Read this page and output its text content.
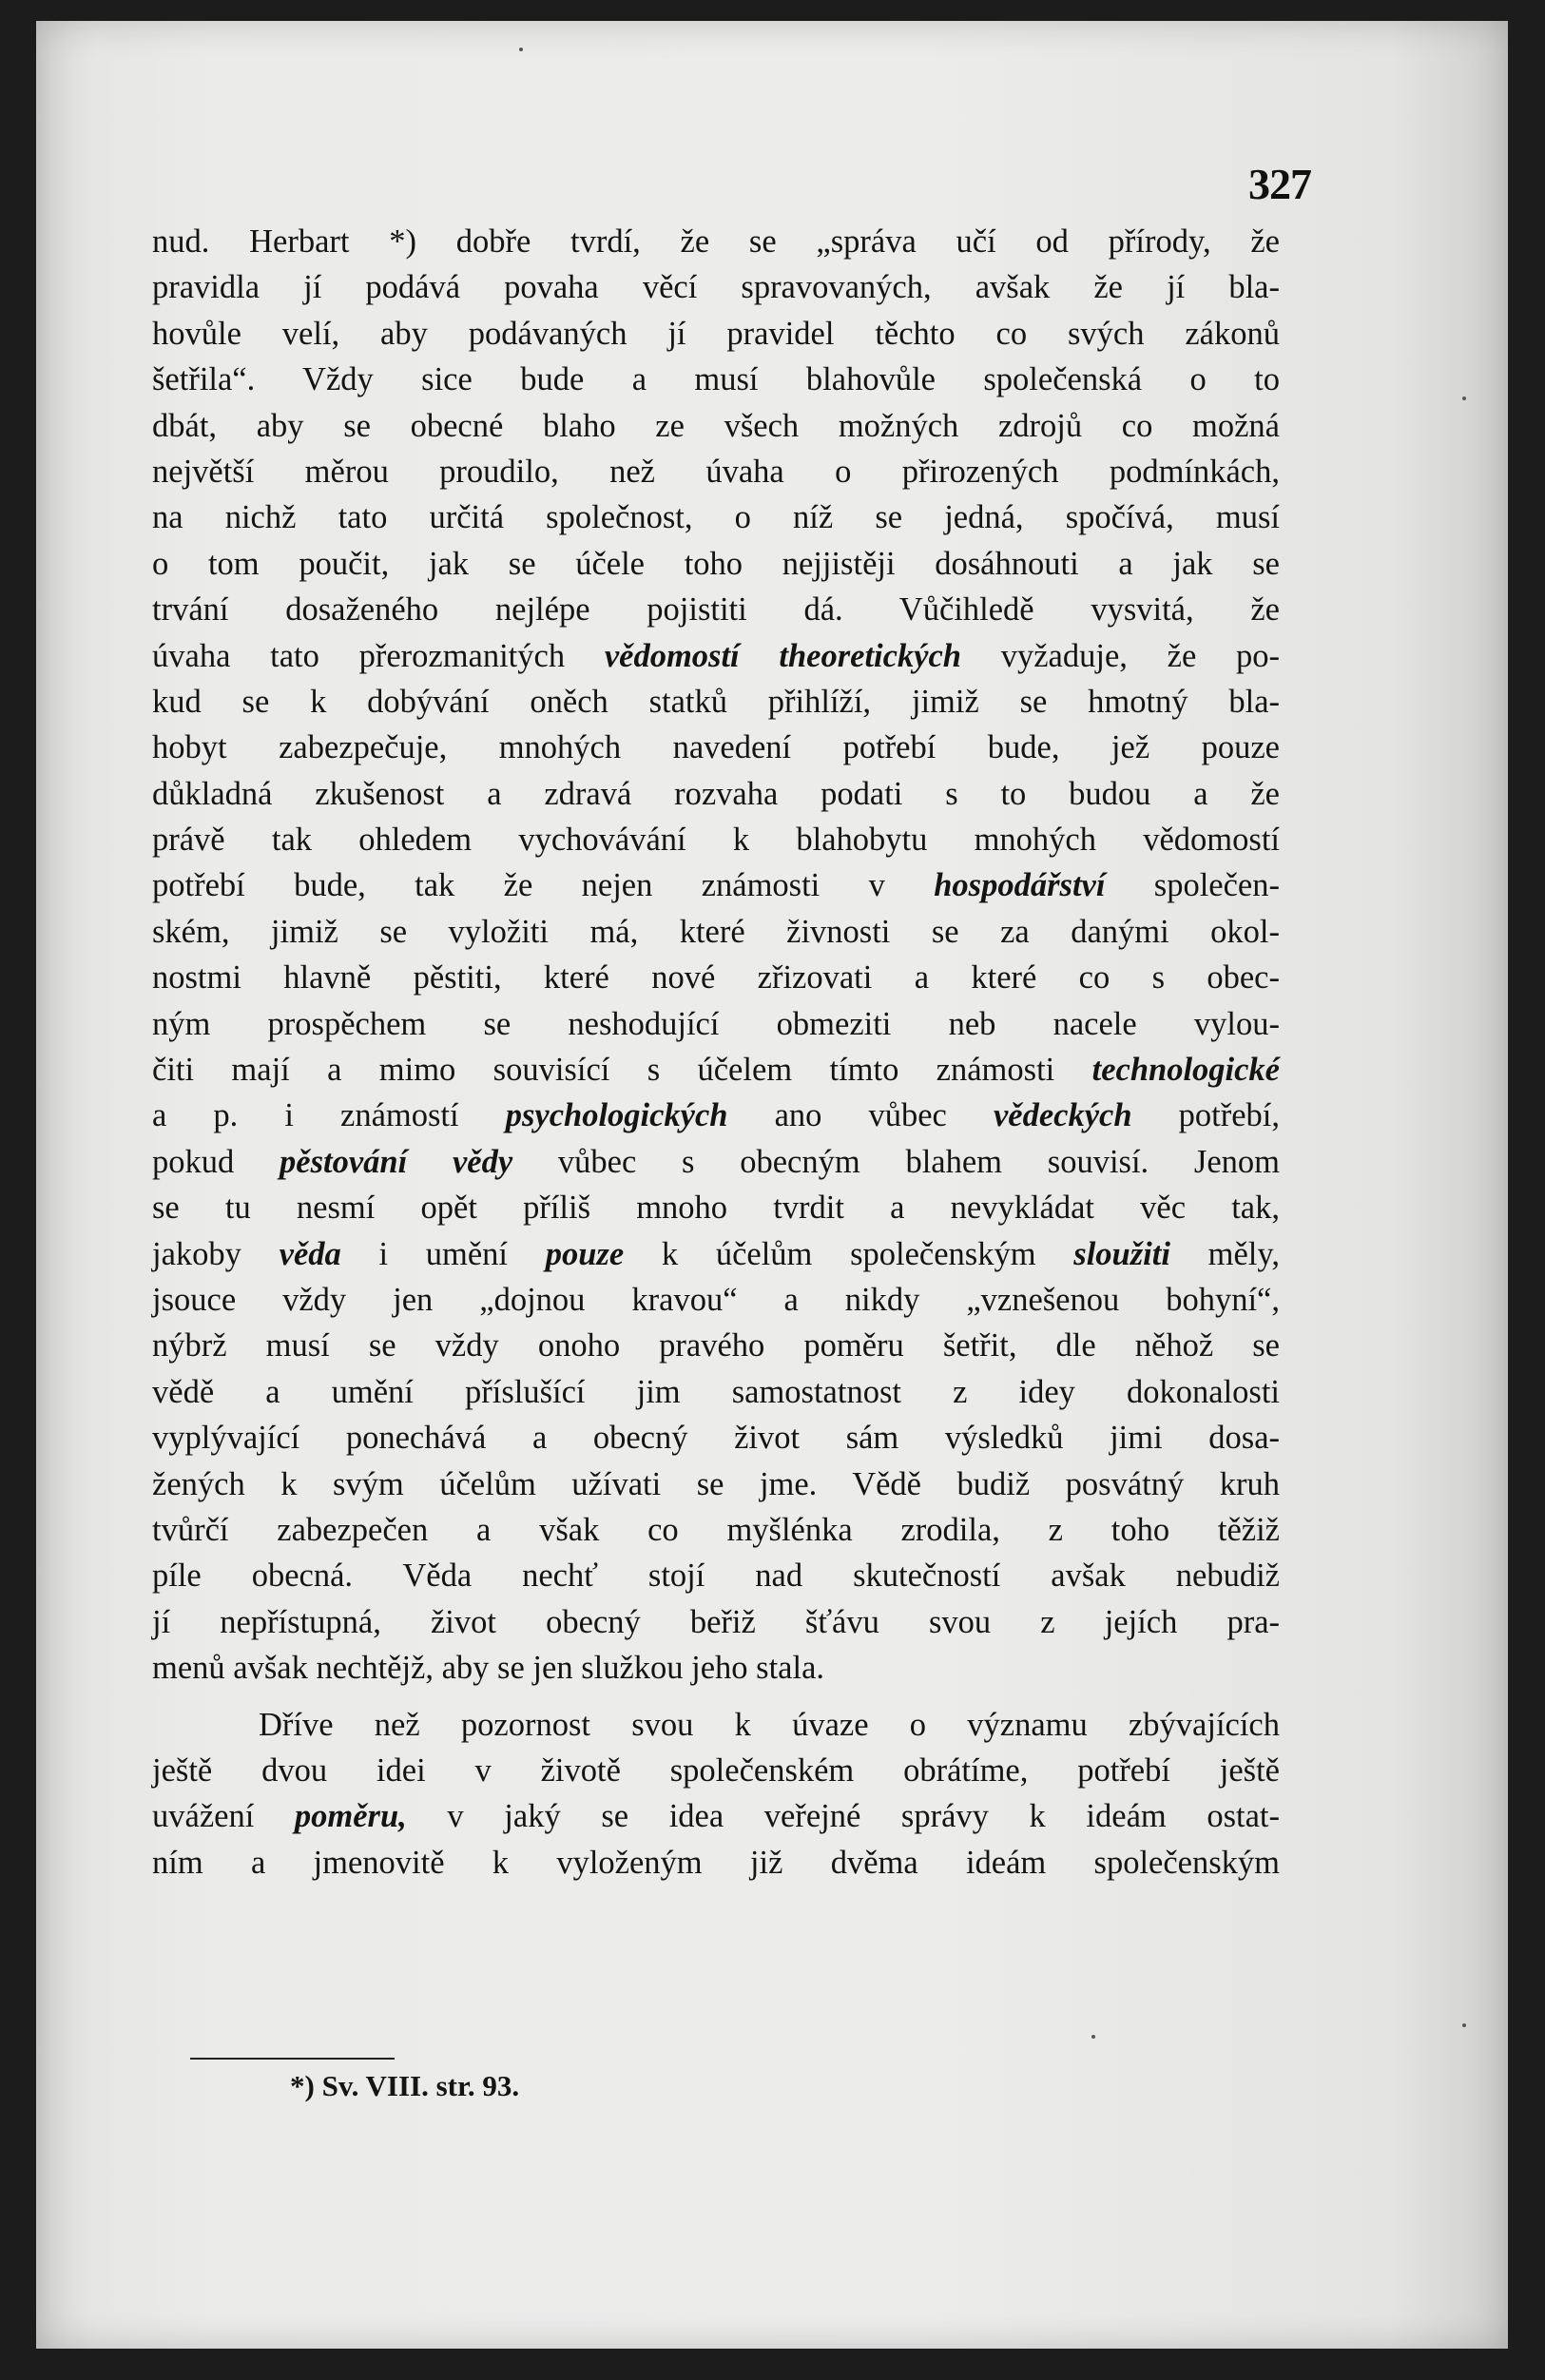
327
nud. Herbart *) dobře tvrdí, že se „správa učí od přírody, že
pravidla jí podává povaha věcí spravovaných, avšak že jí bla-
hovůle velí, aby podávaných jí pravidel těchto co svých zákonů
šetřila“. Vždy sice bude a musí blahovůle společenská o to
dbát, aby se obecné blaho ze všech možných zdrojů co možná
největší měrou proudilo, než úvaha o přirozených podmínkách,
na nichž tato určitá společnost, o níž se jedná, spočívá, musí
o tom poučit, jak se účele toho nejjistěji dosáhnouti a jak se
trvání dosaženého nejlépe pojistiti dá. Vůčihledě vysvitá, že
úvaha tato přerozmanitých vědomostí theoretických vyžaduje, že po-
kud se k dobývání oněch statků přihlíží, jimiž se hmotný bla-
hobyt zabezpečuje, mnohých navedení potřebí bude, jež pouze
důkladná zkušenost a zdravá rozvaha podati s to budou a že
právě tak ohledem vychovávání k blahobytu mnohých vědomostí
potřebí bude, tak že nejen známosti v hospodářství společen-
ském, jimiž se vyložiti má, které živnosti se za danými okol-
nostmi hlavně pěstiti, které nové zřizovati a které co s obec-
ným prospěchem se neshodující obmeziti neb nacele vylou-
čiti mají a mimo souvisící s účelem tímto známosti technologické
a p. i známostí psychologických ano vůbec vědeckých potřebí,
pokud pěstování vědy vůbec s obecným blahem souvisí. Jenom
se tu nesmí opět příliš mnoho tvrdit a nevykládat věc tak,
jakoby věda i umění pouze k účelům společenským sloužiti měly,
jsouce vždy jen „dojnou kravou“ a nikdy „vznešenou bohyní“,
nýbrž musí se vždy onoho pravého poměru šetřit, dle něhož se
vědě a umění příslušící jim samostatnost z idey dokonalosti
vyplývající ponechává a obecný život sám výsledků jimi dosa-
žených k svým účelům užívati se jme. Vědě budiž posvátný kruh
tvůrčí zabezpečen a však co myšlénka zrodila, z toho těžiž
píle obecná. Věda nechť stojí nad skutečností avšak nebudiž
jí nepřístupná, život obecný beřiž šťávu svou z jejích pra-
menů avšak nechtějž, aby se jen služkou jeho stala.
Dříve než pozornost svou k úvaze o významu zbývajících
ještě dvou idei v životě společenském obrátíme, potřebí ještě
uvážení poměru, v jaký se idea veřejné správy k ideám ostat-
ním a jmenovitě k vyloženým již dvěma ideám společenským
*) Sv. VIII. str. 93.
